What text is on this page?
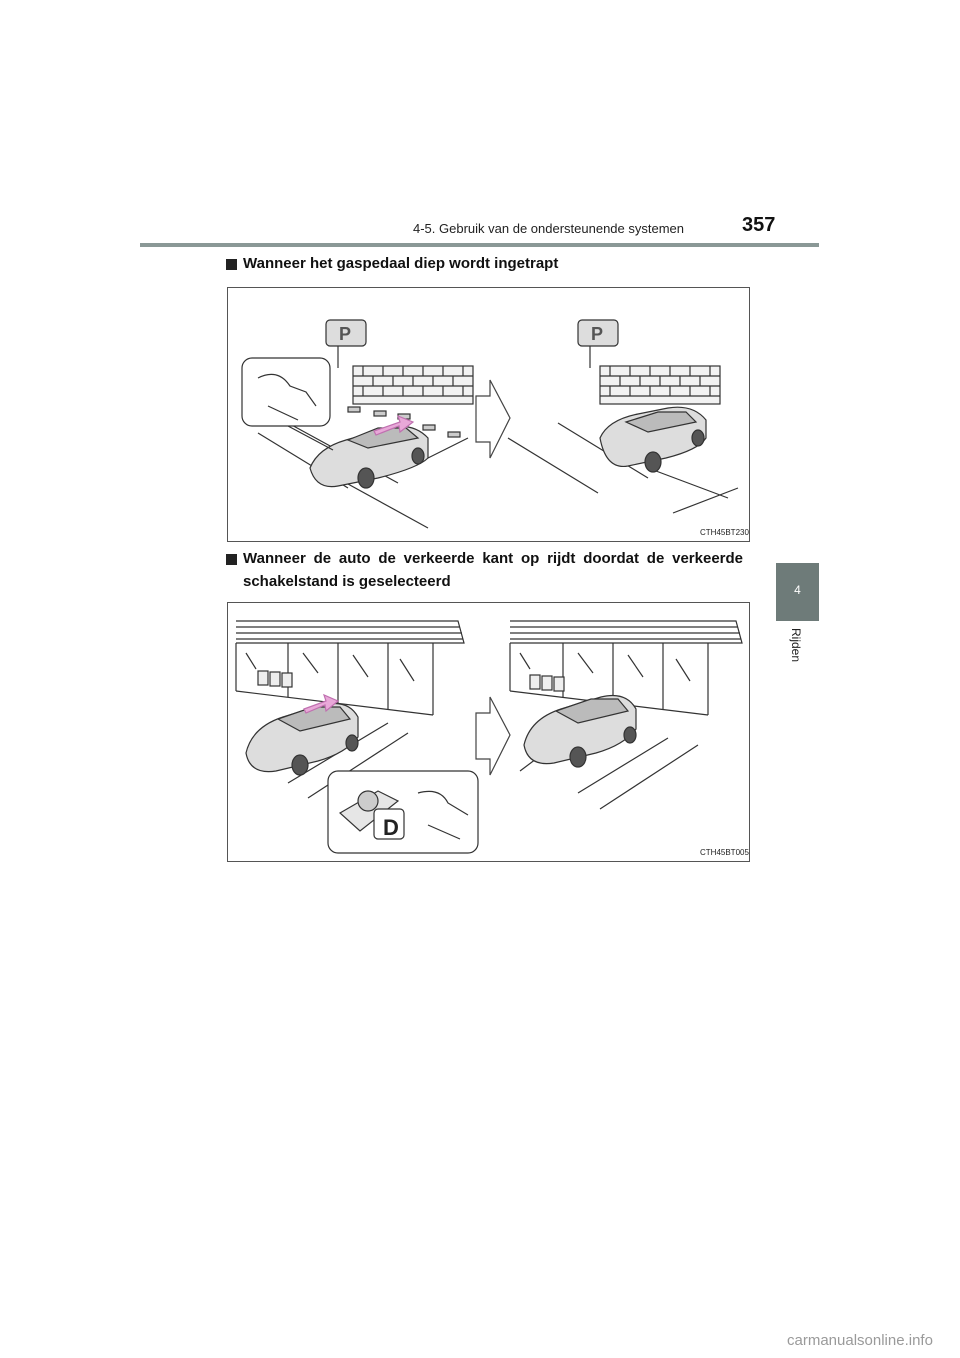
4-5. Gebruik van de ondersteunende systemen	357
4
Rijden
Wanneer het gaspedaal diep wordt ingetrapt
P	P
CTH45BT230
Wanneer de auto de verkeerde kant op rijdt doordat de verkeerde
schakelstand is geselecteerd
D
CTH45BT005
carmanualsonline.info
